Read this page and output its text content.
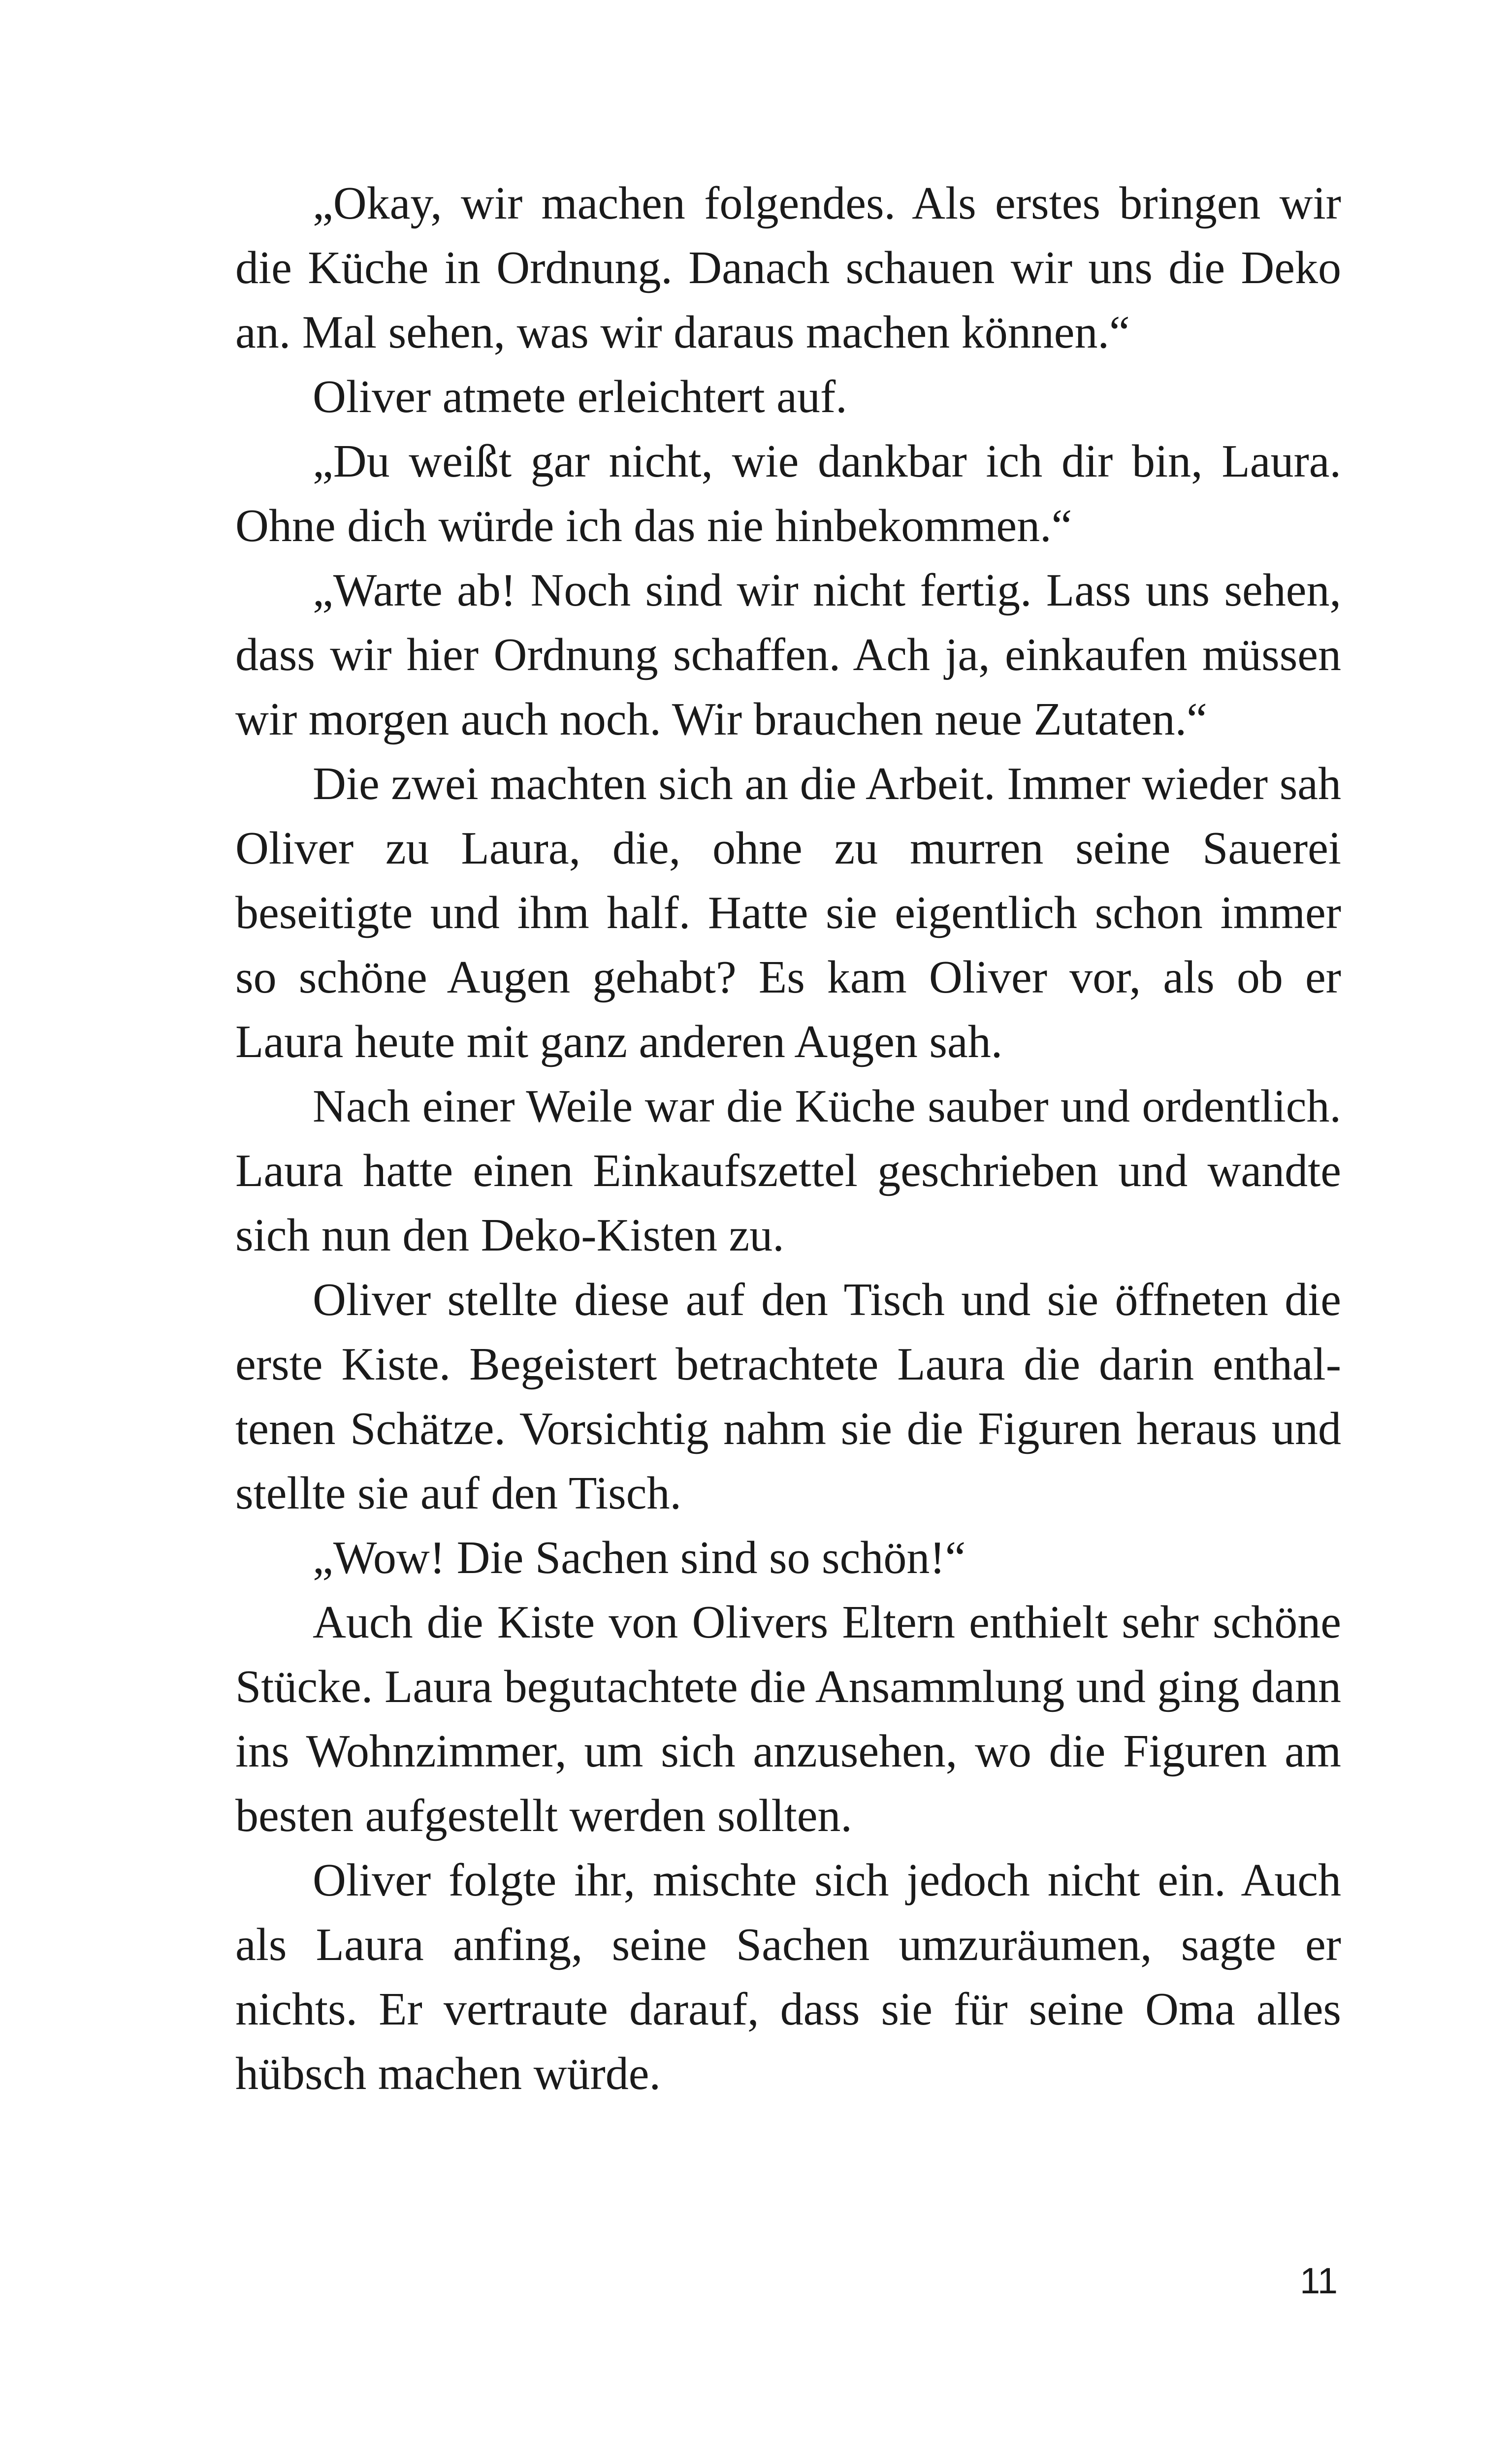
„Okay, wir machen folgendes. Als erstes bringen wir die Küche in Ordnung. Danach schauen wir uns die Deko an. Mal sehen, was wir daraus machen können.“

Oliver atmete erleichtert auf.

„Du weißt gar nicht, wie dankbar ich dir bin, Laura. Ohne dich würde ich das nie hinbekommen.“

„Warte ab! Noch sind wir nicht fertig. Lass uns sehen, dass wir hier Ordnung schaffen. Ach ja, einkaufen müssen wir morgen auch noch. Wir brauchen neue Zutaten.“

Die zwei machten sich an die Arbeit. Immer wieder sah Oliver zu Laura, die, ohne zu murren seine Sauerei beseitigte und ihm half. Hatte sie eigentlich schon immer so schöne Augen gehabt? Es kam Oliver vor, als ob er Laura heute mit ganz anderen Augen sah.

Nach einer Weile war die Küche sauber und ordentlich. Laura hatte einen Einkaufszettel geschrieben und wandte sich nun den Deko-Kisten zu.

Oliver stellte diese auf den Tisch und sie öffneten die erste Kiste. Begeistert betrachtete Laura die darin enthaltenen Schätze. Vorsichtig nahm sie die Figuren heraus und stellte sie auf den Tisch.

„Wow! Die Sachen sind so schön!“

Auch die Kiste von Olivers Eltern enthielt sehr schöne Stücke. Laura begutachtete die Ansammlung und ging dann ins Wohnzimmer, um sich anzusehen, wo die Figuren am besten aufgestellt werden sollten.

Oliver folgte ihr, mischte sich jedoch nicht ein. Auch als Laura anfing, seine Sachen umzuräumen, sagte er nichts. Er vertraute darauf, dass sie für seine Oma alles hübsch machen würde.

11
